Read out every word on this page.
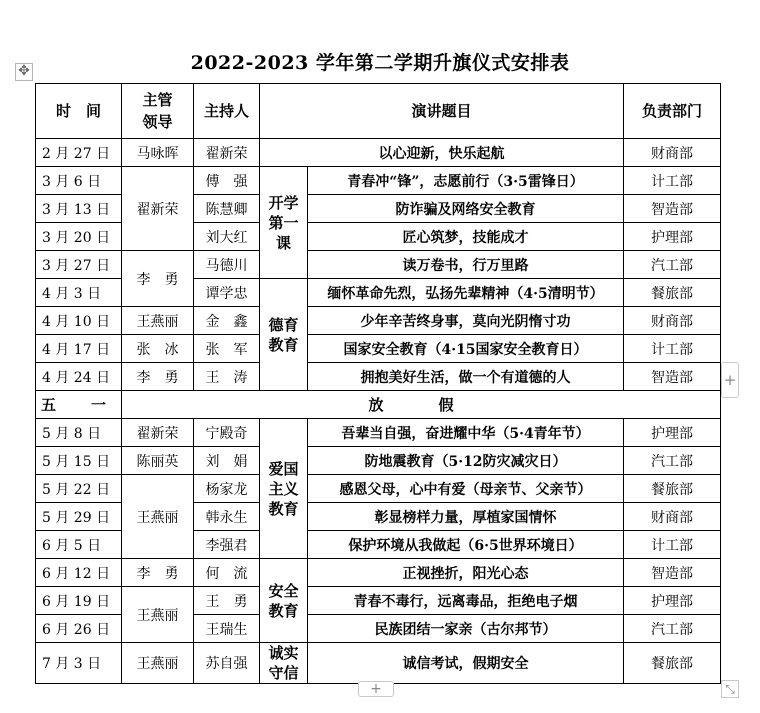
2022-2023 学年第二学期升旗仪式安排表
✥
时　间	主管领导	主持人	演讲题目		负责部门
2 月 27 日	马咏晖	翟新荣	以心迎新，快乐起航		财商部
3 月 6 日	翟新荣	傅　强	开学第一课	青春冲“锋”，志愿前行（3·5雷锋日）	计工部
3 月 13 日		陈慧卿		防诈骗及网络安全教育	智造部
3 月 20 日		刘大红		匠心筑梦，技能成才	护理部
3 月 27 日	李　勇	马德川		读万卷书，行万里路	汽工部
4 月 3 日		谭学忠	德育教育	缅怀革命先烈，弘扬先辈精神（4·5清明节）	餐旅部
4 月 10 日	王燕丽	金　鑫		少年辛苦终身事，莫向光阴惰寸功	财商部
4 月 17 日	张　冰	张　军		国家安全教育（4·15国家安全教育日）	计工部
4 月 24 日	李　勇	王　涛		拥抱美好生活，做一个有道德的人	智造部
五　一	放　假				
5 月 8 日	翟新荣	宁殿奇	爱国主义教育	吾辈当自强，奋进耀中华（5·4青年节）	护理部
5 月 15 日	陈丽英	刘　娟		防地震教育（5·12防灾减灾日）	汽工部
5 月 22 日	王燕丽	杨家龙		感恩父母，心中有爱（母亲节、父亲节）	餐旅部
5 月 29 日		韩永生		彰显榜样力量，厚植家国情怀	财商部
6 月 5 日		李强君		保护环境从我做起（6·5世界环境日）	计工部
6 月 12 日	李　勇	何　流	安全教育	正视挫折，阳光心态	智造部
6 月 19 日	王燕丽	王　勇		青春不毒行，远离毒品，拒绝电子烟	护理部
6 月 26 日		王瑞生		民族团结一家亲（古尔邦节）	汽工部
7 月 3 日	王燕丽	苏自强	诚实守信	诚信考试，假期安全	餐旅部
+
+	⤡
